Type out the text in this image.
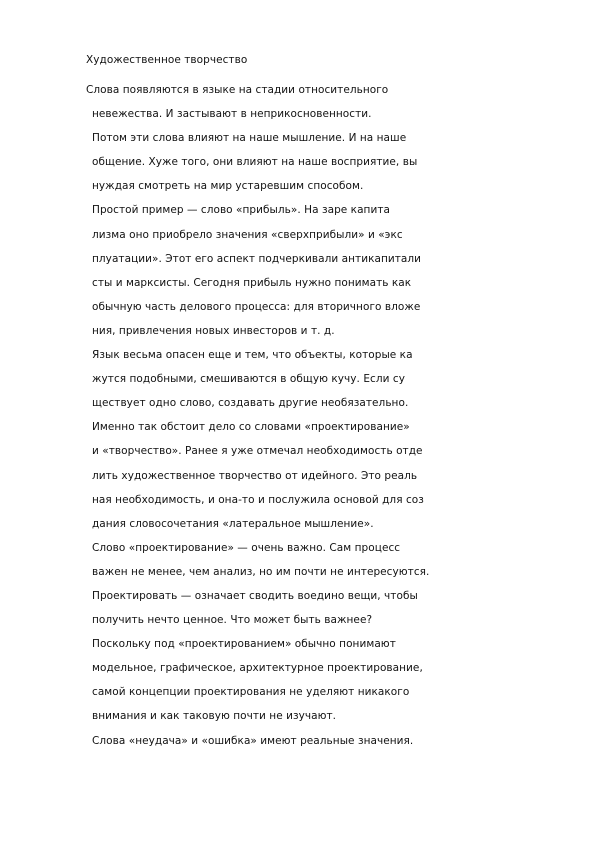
Художественное творчество
Слова появляются в языке на стадии относительного
невежества. И застывают в неприкосновенности.
Потом эти слова влияют на наше мышление. И на наше
общение. Хуже того, они влияют на наше восприятие, вы
нуждая смотреть на мир устаревшим способом.
Простой пример — слово «прибыль». На заре капита
лизма оно приобрело значения «сверхприбыли» и «экс
плуатации». Этот его аспект подчеркивали антикапитали
сты и марксисты. Сегодня прибыль нужно понимать как
обычную часть делового процесса: для вторичного вложе
ния, привлечения новых инвесторов и т. д.
Язык весьма опасен еще и тем, что объекты, которые ка
жутся подобными, смешиваются в общую кучу. Если су
ществует одно слово, создавать другие необязательно.
Именно так обстоит дело со словами «проектирование»
и «творчество». Ранее я уже отмечал необходимость отде
лить художественное творчество от идейного. Это реаль
ная необходимость, и она-то и послужила основой для соз
дания словосочетания «латеральное мышление».
Слово «проектирование» — очень важно. Сам процесс
важен не менее, чем анализ, но им почти не интересуются.
Проектировать — означает сводить воедино вещи, чтобы
получить нечто ценное. Что может быть важнее?
Поскольку под «проектированием» обычно понимают
модельное, графическое, архитектурное проектирование,
самой концепции проектирования не уделяют никакого
внимания и как таковую почти не изучают.
Слова «неудача» и «ошибка» имеют реальные значения.
